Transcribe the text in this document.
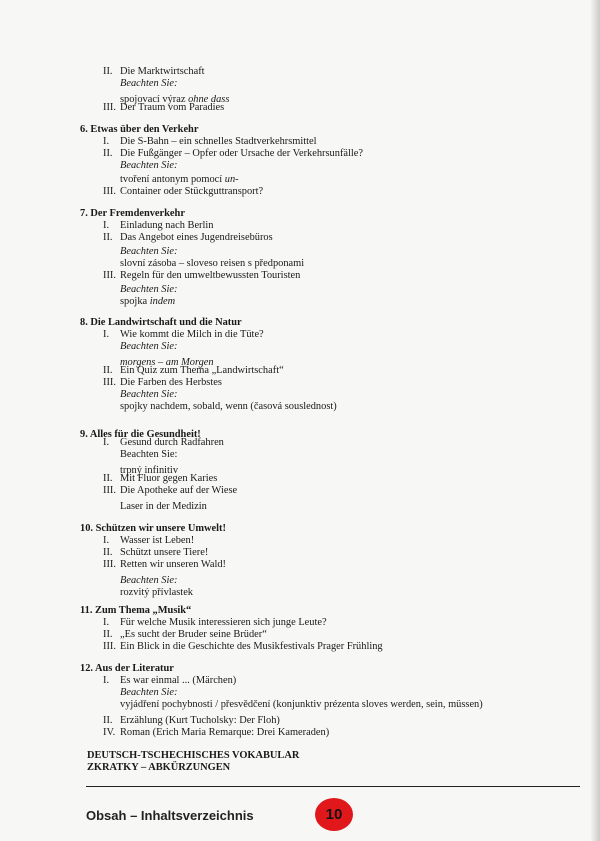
II. Die Marktwirtschaft
Beachten Sie:
spojovací výraz ohne dass
III. Der Traum vom Paradies
6. Etwas über den Verkehr
I. Die S-Bahn – ein schnelles Stadtverkehrsmittel
II. Die Fußgänger – Opfer oder Ursache der Verkehrsunfälle?
Beachten Sie:
tvoření antonym pomocí un-
III. Container oder Stückguttransport?
7. Der Fremdenverkehr
I. Einladung nach Berlin
II. Das Angebot eines Jugendreisebüros
Beachten Sie:
slovní zásoba – sloveso reisen s předponami
III. Regeln für den umweltbewussten Touristen
Beachten Sie:
spojka indem
8. Die Landwirtschaft und die Natur
I. Wie kommt die Milch in die Tüte?
Beachten Sie:
morgens – am Morgen
II. Ein Quiz zum Thema „Landwirtschaft“
III. Die Farben des Herbstes
Beachten Sie:
spojky nachdem, sobald, wenn (časová souslednost)
9. Alles für die Gesundheit!
I. Gesund durch Radfahren
Beachten Sie:
trpný infinitiv
II. Mit Fluor gegen Karies
III. Die Apotheke auf der Wiese
Laser in der Medizin
10. Schützen wir unsere Umwelt!
I. Wasser ist Leben!
II. Schützt unsere Tiere!
III. Retten wir unseren Wald!
Beachten Sie:
rozvitý přívlastek
11. Zum Thema „Musik“
I. Für welche Musik interessieren sich junge Leute?
II. „Es sucht der Bruder seine Brüder“
III. Ein Blick in die Geschichte des Musikfestivals Prager Frühling
12. Aus der Literatur
I. Es war einmal ... (Märchen)
Beachten Sie:
vyjádření pochybnosti / přesvědčení (konjunktiv prézenta sloves werden, sein, müssen)
II. Erzählung (Kurt Tucholsky: Der Floh)
IV. Roman (Erich Maria Remarque: Drei Kameraden)
DEUTSCH-TSCHECHISCHES VOKABULAR
ZKRATKY – ABKÜRZUNGEN
Obsah – Inhaltsverzeichnis	10
